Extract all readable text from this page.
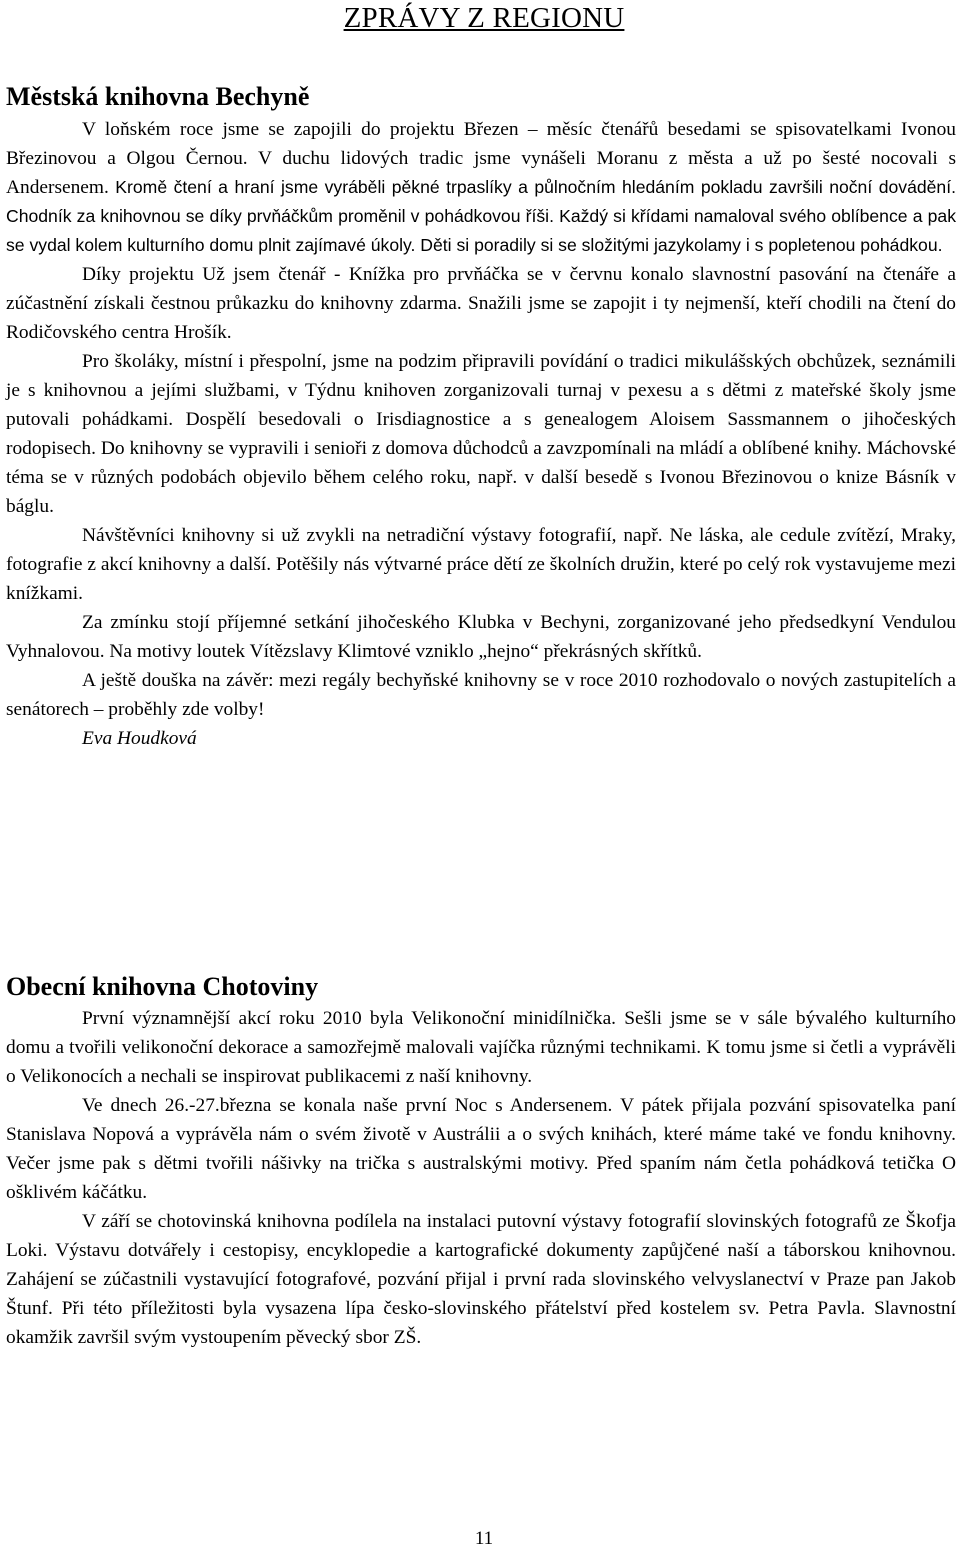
ZPRÁVY Z REGIONU
Městská knihovna Bechyně

V loňském roce jsme se zapojili do projektu Březen – měsíc čtenářů besedami se spisovatelkami Ivonou Březinovou a Olgou Černou. V duchu lidových tradic jsme vynášeli Moranu z města a už po šesté nocovali s Andersenem. Kromě čtení a hraní jsme vyráběli pěkné trpaslíky a půlnočním hledáním pokladu završili noční dovádění. Chodník za knihovnou se díky prvňáčkům proměnil v pohádkovou říši. Každý si křídami namaloval svého oblíbence a pak se vydal kolem kulturního domu plnit zajímavé úkoly. Děti si poradily si se složitými jazykolamy i s popletenou pohádkou.

Díky projektu Už jsem čtenář - Knížka pro prvňáčka se v červnu konalo slavnostní pasování na čtenáře a zúčastnění získali čestnou průkazku do knihovny zdarma. Snažili jsme se zapojit i ty nejmenší, kteří chodili na čtení do Rodičovského centra Hrošík.

Pro školáky, místní i přespolní, jsme na podzim připravili povídání o tradici mikulášských obchůzek, seznámili je s knihovnou a jejími službami, v Týdnu knihoven zorganizovali turnaj v pexesu a s dětmi z mateřské školy jsme putovali pohádkami. Dospělí besedovali o Irisdiagnostice a s genealogem Aloisem Sassmannem o jihočeských rodopisech. Do knihovny se vypravili i senioři z domova důchodců a zavzpomínali na mládí a oblíbené knihy. Máchovské téma se v různých podobách objevilo během celého roku, např. v další besedě s Ivonou Březinovou o knize Básník v báglu.

Návštěvníci knihovny si už zvykli na netradiční výstavy fotografií, např. Ne láska, ale cedule zvítězí, Mraky, fotografie z akcí knihovny a další. Potěšily nás výtvarné práce dětí ze školních družin, které po celý rok vystavujeme mezi knížkami.

Za zmínku stojí příjemné setkání jihočeského Klubka v Bechyni, zorganizované jeho předsedkyní Vendulou Vyhnalovou. Na motivy loutek Vítězslavy Klimtové vzniklo „hejno“ překrásných skřítků.

A ještě douška na závěr: mezi regály bechyňské knihovny se v roce 2010 rozhodovalo o nových zastupitelích a senátorech – proběhly zde volby!

Eva Houdková

Obecní knihovna Chotoviny

První významnější akcí roku 2010 byla Velikonoční minidílnička. Sešli jsme se v sále bývalého kulturního domu a tvořili velikonoční dekorace a samozřejmě malovali vajíčka různými technikami. K tomu jsme si četli a vyprávěli o Velikonocích a nechali se inspirovat publikacemi z naší knihovny.

Ve dnech 26.-27.března se konala naše první Noc s Andersenem. V pátek přijala pozvání spisovatelka paní Stanislava Nopová a vyprávěla nám o svém životě v Austrálii a o svých knihách, které máme také ve fondu knihovny. Večer jsme pak s dětmi tvořili nášivky na trička s australskými motivy. Před spaním nám četla pohádková tetička O ošklivém káčátku.

V září se chotovinská knihovna podílela na instalaci putovní výstavy fotografií slovinských fotografů ze Škofja Loki. Výstavu dotvářely i cestopisy, encyklopedie a kartografické dokumenty zapůjčené naší a táborskou knihovnou. Zahájení se zúčastnili vystavující fotografové, pozvání přijal i první rada slovinského velvyslanectví v Praze pan Jakob Štunf. Při této příležitosti byla vysazena lípa česko-slovinského přátelství před kostelem sv. Petra Pavla. Slavnostní okamžik završil svým vystoupením pěvecký sbor ZŠ.

11
